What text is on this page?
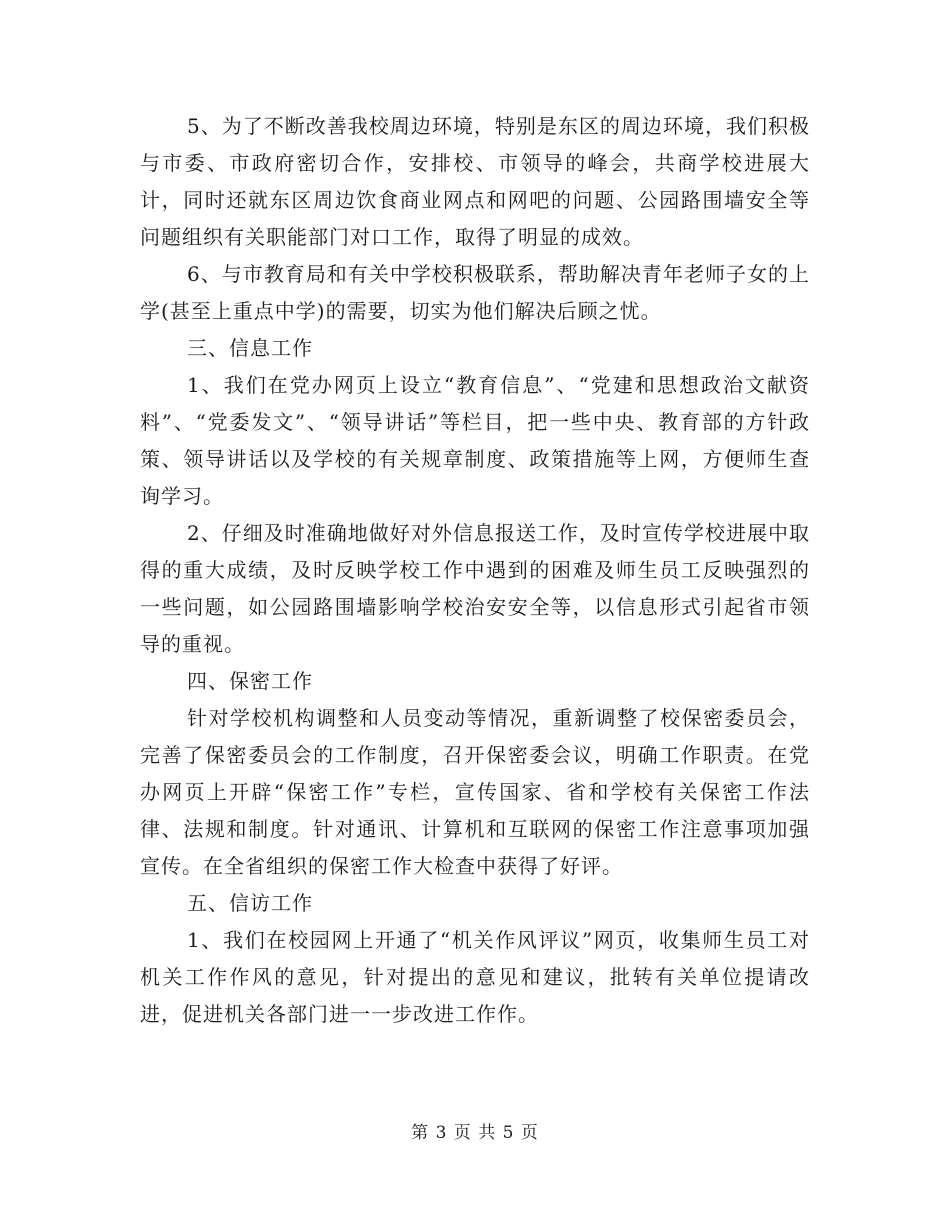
5、为了不断改善我校周边环境，特别是东区的周边环境，我们积极与市委、市政府密切合作，安排校、市领导的峰会，共商学校进展大计，同时还就东区周边饮食商业网点和网吧的问题、公园路围墙安全等问题组织有关职能部门对口工作，取得了明显的成效。

6、与市教育局和有关中学校积极联系，帮助解决青年老师子女的上学(甚至上重点中学)的需要，切实为他们解决后顾之忧。

三、信息工作

1、我们在党办网页上设立“教育信息”、“党建和思想政治文献资料”、“党委发文”、“领导讲话”等栏目，把一些中央、教育部的方针政策、领导讲话以及学校的有关规章制度、政策措施等上网，方便师生查询学习。

2、仔细及时准确地做好对外信息报送工作，及时宣传学校进展中取得的重大成绩，及时反映学校工作中遇到的困难及师生员工反映强烈的一些问题，如公园路围墙影响学校治安安全等，以信息形式引起省市领导的重视。

四、保密工作

针对学校机构调整和人员变动等情况，重新调整了校保密委员会，完善了保密委员会的工作制度，召开保密委会议，明确工作职责。在党办网页上开辟“保密工作”专栏，宣传国家、省和学校有关保密工作法律、法规和制度。针对通讯、计算机和互联网的保密工作注意事项加强宣传。在全省组织的保密工作大检查中获得了好评。

五、信访工作

1、我们在校园网上开通了“机关作风评议”网页，收集师生员工对机关工作作风的意见，针对提出的意见和建议，批转有关单位提请改进，促进机关各部门进一一步改进工作作。

第 3 页 共 5 页
